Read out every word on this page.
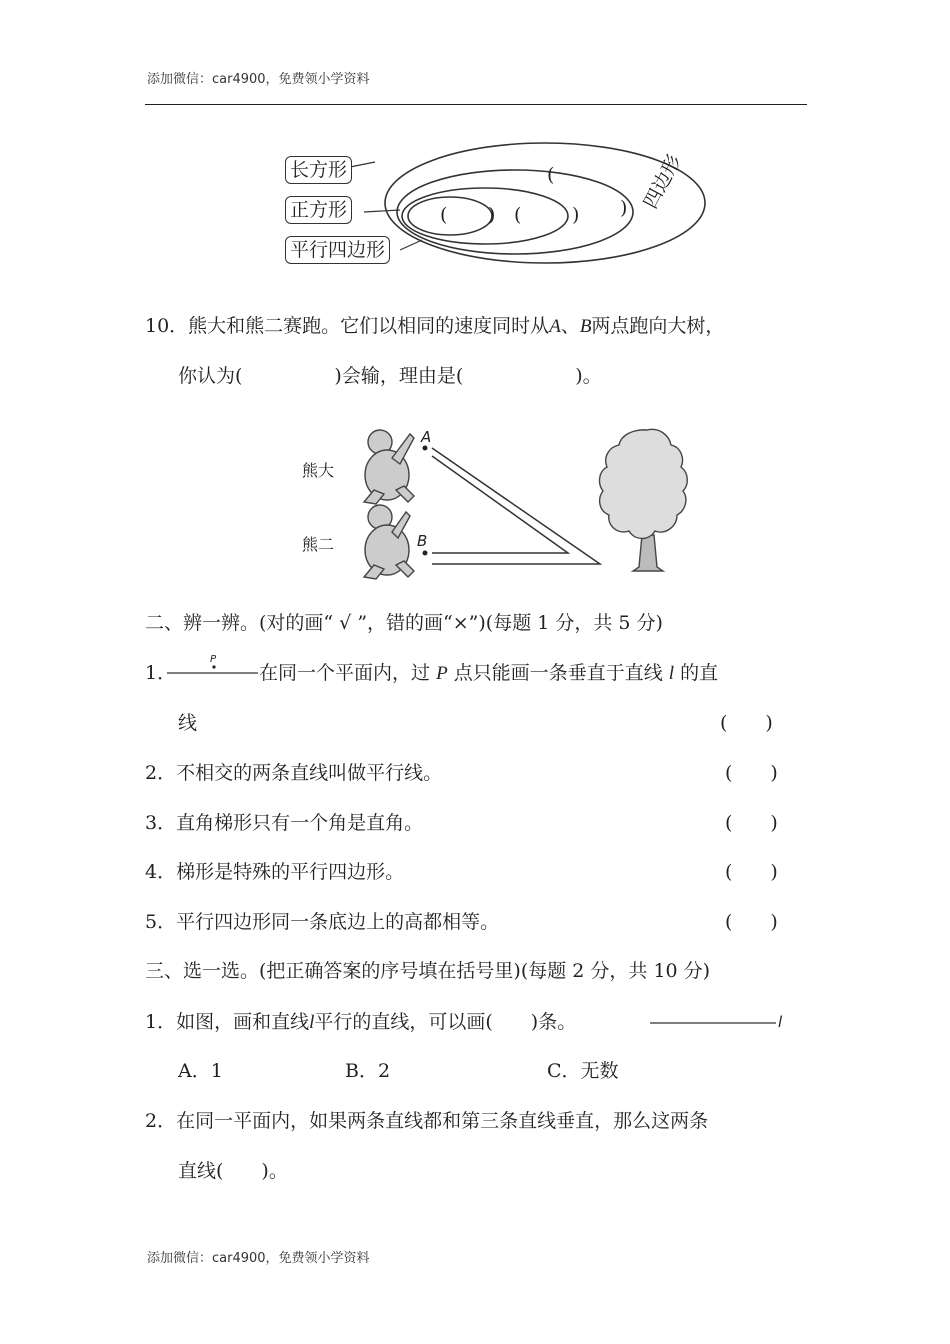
添加微信：car4900，免费领小学资料
长方形
正方形
平行四边形
( ) (	)
(
) 四边形
10．熊大和熊二赛跑。它们以相同的速度同时从A、B两点跑向大树，
你认为(	)会输，理由是(	)。
熊大
熊二
A
B
二、辨一辨。(对的画“ √ ”，错的画“×”)(每题 1 分，共 5 分)
1．
P
在同一个平面内，过 P 点只能画一条垂直于直线 l 的直
线	(　　)
2．不相交的两条直线叫做平行线。	(　　)
3．直角梯形只有一个角是直角。	(　　)
4．梯形是特殊的平行四边形。	(　　)
5．平行四边形同一条底边上的高都相等。	(　　)
三、选一选。(把正确答案的序号填在括号里)(每题 2 分，共 10 分)
1．如图，画和直线l平行的直线，可以画(　　)条。	l
A．1	B．2	C．无数
2．在同一平面内，如果两条直线都和第三条直线垂直，那么这两条
直线(　　)。
添加微信：car4900，免费领小学资料
